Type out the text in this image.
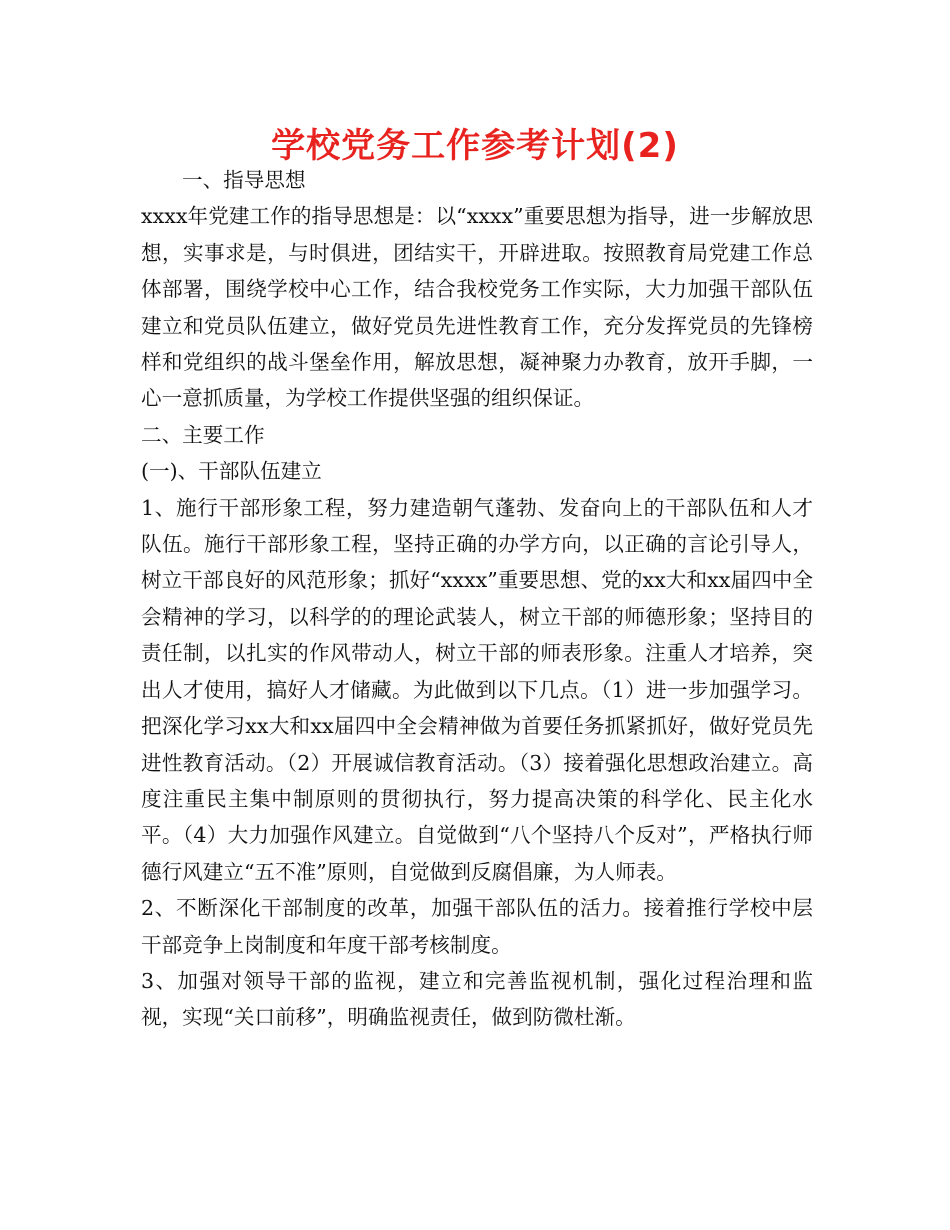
学校党务工作参考计划(2)

一、指导思想

xxxx年党建工作的指导思想是：以“xxxx”重要思想为指导，进一步解放思想，实事求是，与时俱进，团结实干，开辟进取。按照教育局党建工作总体部署，围绕学校中心工作，结合我校党务工作实际，大力加强干部队伍建立和党员队伍建立，做好党员先进性教育工作，充分发挥党员的先锋榜样和党组织的战斗堡垒作用，解放思想，凝神聚力办教育，放开手脚，一心一意抓质量，为学校工作提供坚强的组织保证。

二、主要工作

(一)、干部队伍建立

1、施行干部形象工程，努力建造朝气蓬勃、发奋向上的干部队伍和人才队伍。施行干部形象工程，坚持正确的办学方向，以正确的言论引导人，树立干部良好的风范形象；抓好“xxxx”重要思想、党的xx大和xx届四中全会精神的学习，以科学的的理论武装人，树立干部的师德形象；坚持目的责任制，以扎实的作风带动人，树立干部的师表形象。注重人才培养，突出人才使用，搞好人才储藏。为此做到以下几点。（1）进一步加强学习。把深化学习xx大和xx届四中全会精神做为首要任务抓紧抓好，做好党员先进性教育活动。（2）开展诚信教育活动。（3）接着强化思想政治建立。高度注重民主集中制原则的贯彻执行，努力提高决策的科学化、民主化水平。（4）大力加强作风建立。自觉做到“八个坚持八个反对”，严格执行师德行风建立“五不准”原则，自觉做到反腐倡廉，为人师表。

2、不断深化干部制度的改革，加强干部队伍的活力。接着推行学校中层干部竞争上岗制度和年度干部考核制度。

3、加强对领导干部的监视，建立和完善监视机制，强化过程治理和监视，实现“关口前移”，明确监视责任，做到防微杜渐。
